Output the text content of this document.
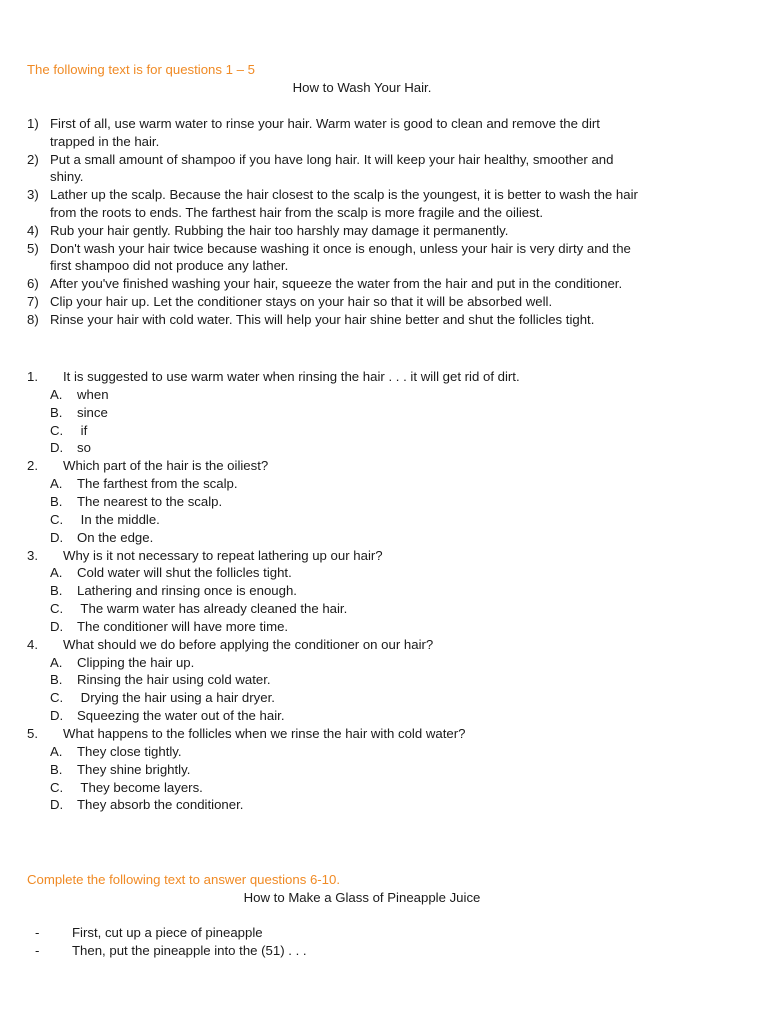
The following text is for questions 1 – 5
How to Wash Your Hair.
1) First of all, use warm water to rinse your hair. Warm water is good to clean and remove the dirt
trapped in the hair.
2) Put a small amount of shampoo if you have long hair. It will keep your hair healthy, smoother and
shiny.
3) Lather up the scalp. Because the hair closest to the scalp is the youngest, it is better to wash the hair
from the roots to ends. The farthest hair from the scalp is more fragile and the oiliest.
4) Rub your hair gently. Rubbing the hair too harshly may damage it permanently.
5) Don't wash your hair twice because washing it once is enough, unless your hair is very dirty and the
first shampoo did not produce any lather.
6) After you've finished washing your hair, squeeze the water from the hair and put in the conditioner.
7) Clip your hair up. Let the conditioner stays on your hair so that it will be absorbed well.
8) Rinse your hair with cold water. This will help your hair shine better and shut the follicles tight.
1. It is suggested to use warm water when rinsing the hair . . . it will get rid of dirt.
A. when
B. since
C. if
D. so
2. Which part of the hair is the oiliest?
A. The farthest from the scalp.
B. The nearest to the scalp.
C. In the middle.
D. On the edge.
3. Why is it not necessary to repeat lathering up our hair?
A. Cold water will shut the follicles tight.
B. Lathering and rinsing once is enough.
C. The warm water has already cleaned the hair.
D. The conditioner will have more time.
4. What should we do before applying the conditioner on our hair?
A. Clipping the hair up.
B. Rinsing the hair using cold water.
C. Drying the hair using a hair dryer.
D. Squeezing the water out of the hair.
5. What happens to the follicles when we rinse the hair with cold water?
A. They close tightly.
B. They shine brightly.
C. They become layers.
D. They absorb the conditioner.
Complete the following text to answer questions 6-10.
How to Make a Glass of Pineapple Juice
- First, cut up a piece of pineapple
- Then, put the pineapple into the (51) . . .
